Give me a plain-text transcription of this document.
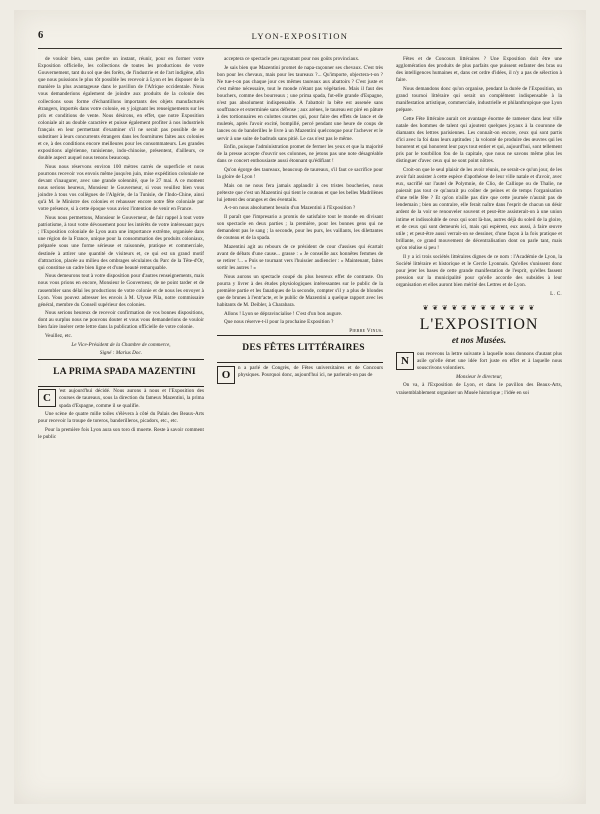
6	LYON-EXPOSITION

de vouloir bien, sans perdre un instant, réunir, pour en former votre Exposition officielle, les collections de toutes les productions de votre Gouvernement, tant du sol que des forêts, de l'industrie et de l'art indigène, afin que nous puissions le plus tôt possible les recevoir à Lyon et les disposer de la manière la plus avantageuse dans le pavillon de l'Afrique occidentale. Nous vous demanderions également de joindre aux produits de la colonie des collections sous forme d'échantillons importants des objets manufacturés étrangers, importés dans votre colonie, en y joignant les renseignements sur les prix et conditions de vente. Nous désirons, en effet, que notre Exposition coloniale ait au double caractère et puisse également profiter à nos industriels français en leur permettant d'examiner s'il ne serait pas possible de se substituer à leurs concurrents étrangers dans les fournitures faites aux colonies et ce, à des conditions encore meilleures pour les consommateurs. Les grandes expositions algérienne, tunisienne, indo-chinoise, présentent, d'ailleurs, ce double aspect auquel nous tenons beaucoup.

Nous nous réservons environ 100 mètres carrés de superficie et nous pourrons recevoir vos envois même jusqu'en juin, mise expédition coloniale ne devant s'inaugurer, avec une grande solennité, que le 27 mai. A ce moment nous serions heureux, Monsieur le Gouverneur, si vous veuillez bien vous joindre à tous vos collègues de l'Algérie, de la Tunisie, de l'Indo-Chine, ainsi qu'à M. le Ministre des colonies et rehausser encore notre fête coloniale par votre présence, si à cette époque vous aviez l'intention de venir en France.

Nous nous permettons, Monsieur le Gouverneur, de fair rappel à tout votre patriotisme, à tout votre dévouement pour les intérêts de votre intéressant pays ; l'Exposition coloniale de Lyon aura une importance extrême, organisée dans une région de la France, unique pour la consommation des produits coloniaux, préparée sous une forme sérieuse et raisonnée, pratique et commerciale, destinée à attirer une quantité de visiteurs et, ce qui est un grand motif d'attraction, placée au milieu des ombrages séculaires du Parc de la Tête-d'Or, qui constitue un cadre bien ligne et d'une beauté remarquable.

Nous demeurons tout à votre disposition pour d'autres renseignements, mais nous vous prions en encore, Monsieur le Gouverneur, de ne point tarder et de rassembler sans délai les productions de votre colonie et de nous les envoyer à Lyon. Vous pouvez adresser les envois à M. Ulysse Pila, notre commissaire général, membre du Conseil supérieur des colonies.

Nous serions heureux de recevoir confirmation de vos bonnes dispositions, dont au surplus nous ne pouvons douter et vous vous demanderions de vouloir bien faire insérer cette lettre dans la publication officielle de votre colonie.

Veuillez, etc.

Le Vice-Président de la Chambre de commerce,

Signé : Marius Doc.

LA PRIMA SPADA MAZENTINI

C
'est aujourd'hui décidé. Nous aurons à nous et l'Exposition des courses de taureaux, sous la direction du fameux Mazentini, la prima spada d'Espagne, comme il se qualifie.

Une scène de quatre mille toiles s'élèvera à côté du Palais des Beaux-Arts pour recevoir la troupe de toreros, banderilleros, picadors, etc., etc.

Pour la première fois Lyon aura son toro di muerte. Reste à savoir comment le public

acceptera ce spectacle peu ragoutant pour nos goûts provinciaux.

Je sais bien que Mazentini promet de napa-raçonner ses chevaux. C'est très bon pour les chevaux, mais pour les taureaux ?... Qu'importe, objectera-t-on ? Ne tue-t-on pas chaque jour ces mêmes taureaux aux abattoirs ? C'est juste et c'est même nécessaire, tout le monde n'étant pas végétarien. Mais il faut des bouchers, comme des bourreaux ; une prima spada, fut-elle grande d'Espagne, n'est pas absolument indispensable. A l'abattoir la bête est assenée sans souffrance et exterminée sans défense ; aux arènes, le taureau est piré en pâture à des tortionnaires en culottes courtes qui, pour faire des effets de lance et de muletés, après l'avoir excité, bompillé, percé pendant une heure de coups de lances ou de banderilles le livre à un Mazentini quelconque pour l'achever et le servir à une suite de badruds sans pitié. Le cas n'est pas le même.

Enfin, puisque l'administration promet de fermer les yeux et que la majorité de la presse accepte d'ouvrir ses colonnes, ne jetons pas une note désagréable dans ce concert enthousiaste aussi étonnant qu'édifiant !

Qu'on égorge des taureaux, beaucoup de taureaux, s'il faut ce sacrifice pour la gloire de Lyon !

Mais on ne nous fera jamais applaudir à ces tristes boucheries, nous prétexte que c'est un Mazentini qui tient le couteau et que les belles Madrilènes lui jettent des oranges et des éventails.

A-t-on nous absolument besoin d'un Mazentini à l'Exposition ?

Il paraît que l'impresario a promis de satisfaire tout le monde en divisant son spectacle en deux parties ; la première, pour les bonnes gens qui ne demandent pas le sang ; la seconde, pour les purs, les vaillants, les dilettantes de couteau et de la spada.

Mazentini agit au rebours de ce président de cour d'assises qui écartait avant de débats d'une cause... grasse : « Je conseille aux honnêtes femmes de se retirer !... « Puis se tournant vers l'huissier audiencier : « Maintenant, faites sortir les autres ! »

Nous aurons un spectacle coupé du plus heureux effet de contraste. On pourra y livrer à des études physiologiques intéressantes sur le public de la première partie et les fanatiques de la seconde, compter s'il y a plus de blondes que de brunes à l'entr'acte, et le public de Mazentini a quelque rapport avec les habitants de M. Deibler, à Charabara.

Allons ! Lyon se dépravincialise ! C'est d'un bon augure.

Que nous réserve-t-il pour la prochaine Exposition ?

Pierre Vinus.
DES FÊTES LITTÉRAIRES

O
n a parlé de Congrès, de Fêtes universitaires et de Concours physiques. Pourquoi donc, aujourd'hui ici, ne parlerait-on pas de

Fêtes et de Concours littéraires ? Une Exposition doit être une agglomération des produits de plus parfaits que puissent enfanter des bras ou des intelligences humaines et, dans cet ordre d'idées, il n'y a pas de sélection à faire.

Nous demandons donc qu'on organise, pendant la durée de l'Exposition, un grand tournoi littéraire qui serait un complément indispensable à la manifestation artistique, commerciale, industrielle et philanthropique que Lyon prépare.

Cette Fête littéraire aurait cet avantage énorme de ramener dans leur ville natale des hommes de talent qui ajoutent quelques joyaux à la couronne de diamants des lettres parisiennes. Les connaît-on encore, ceux qui sont partis d'ici avec la foi dans leurs aptitudes ; la volonté de produire des œuvres qui les honorent et qui honorent leur pays tout entier et qui, aujourd'hui, sont tellement pris par le tourbillon fou de la capitale, que nous ne savons même plus les distinguer d'avec ceux qui ne sont point nôtres.

Croit-on que le seul plaisir de les avoir réunis, ne serait-ce qu'un jour, de les avoir fait assister à cette espèce d'apothéose de leur ville natale et d'avoir, avec eux, sacrifié sur l'autel de Polymnie, de Clio, de Calliope ou de Thalie, ne paierait pas tout ce qu'aurait pu coûter de peines et de temps l'organisation d'une telle fête ? Et qu'on n'aille pas dire que cette journée n'aurait pas de lendemain ; bien au contraire, elle ferait naître dans l'esprit de chacun un désir ardent de la voir se renouveler souvent et peut-être assisterait-on à une union intime et indissoluble de ceux qui sont là-bas, autres déjà du soleil de la gloire, et de ceux qui sont demeurés ici, mais qui espèrent, eux aussi, à faire œuvre utile ; et peut-être aussi verrait-on se dessiner, d'une façon à la fois pratique et brillante, ce grand mouvement de décentralisation dont on parle tant, mais qu'on réalise si peu !

Il y a ici trois sociétés littéraires dignes de ce nom : l'Académie de Lyon, la Société littéraire et historique et le Cercle Lyonnais. Qu'elles s'unissent donc pour jeter les bases de cette grande manifestation de l'esprit, qu'elles fassent pression sur la municipalité pour qu'elle accorde des subsides à leur organisation et elles auront bien mérité des Lettres et de Lyon.

L. C.
❦ ❦ ❦ ❦ ❦ ❦ ❦ ❦ ❦ ❦ ❦ ❦
L'EXPOSITION
et nos Musées.

N
ous recevons la lettre suivante à laquelle nous donnons d'autant plus asile qu'elle émet une idée fort juste en effet et à laquelle nous souscrivons volontiers.

Monsieur le directeur,

On va, à l'Exposition de Lyon, et dans le pavillon des Beaux-Arts, vraisemblablement organiser un Musée historique ; l'idée en soi
